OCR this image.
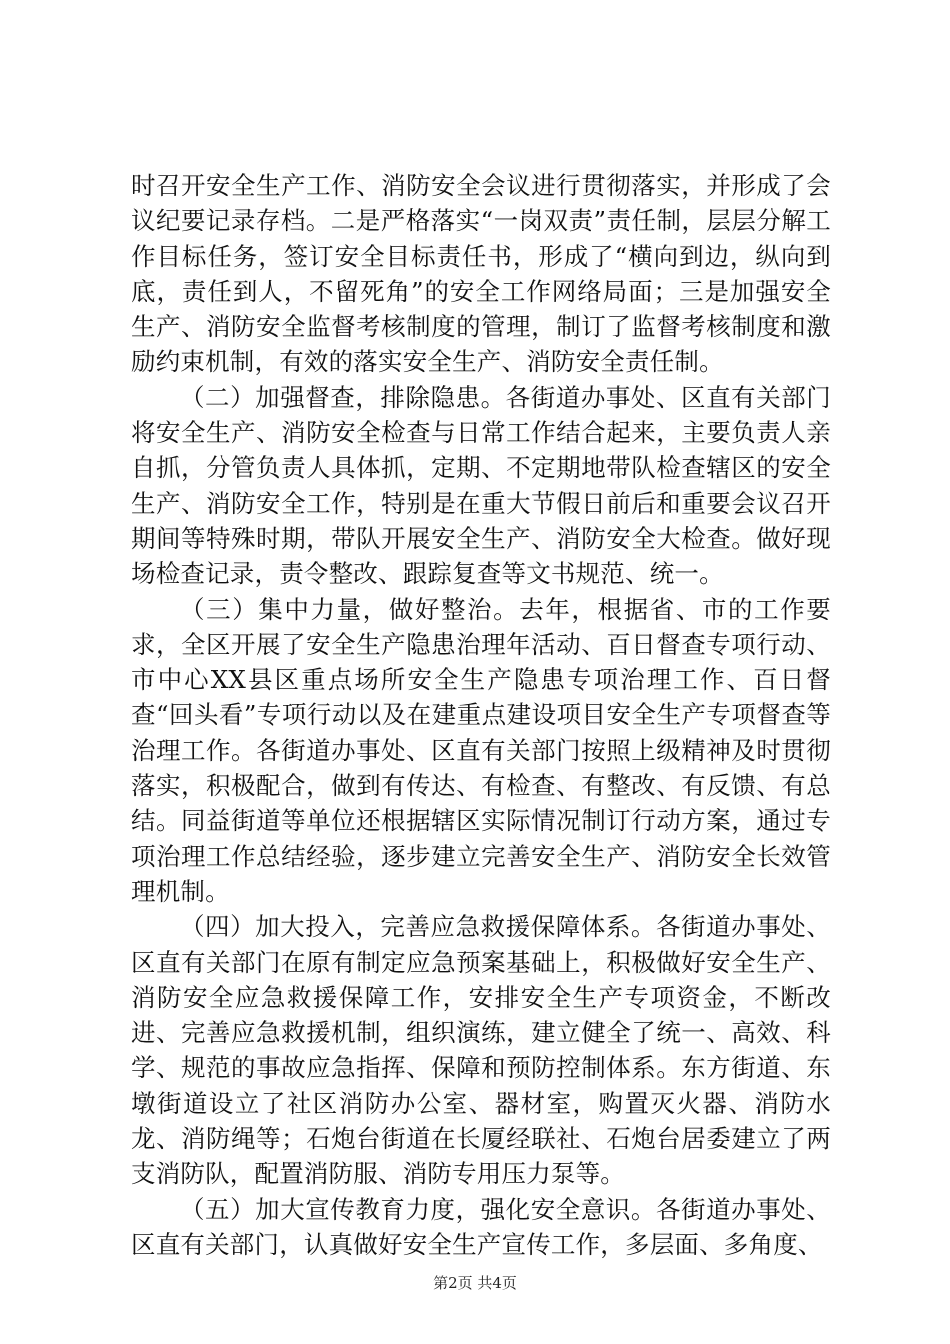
时召开安全生产工作、消防安全会议进行贯彻落实，并形成了会议纪要记录存档。二是严格落实“一岗双责”责任制，层层分解工作目标任务，签订安全目标责任书，形成了“横向到边，纵向到底，责任到人，不留死角”的安全工作网络局面；三是加强安全生产、消防安全监督考核制度的管理，制订了监督考核制度和激励约束机制，有效的落实安全生产、消防安全责任制。

（二）加强督查，排除隐患。各街道办事处、区直有关部门将安全生产、消防安全检查与日常工作结合起来，主要负责人亲自抓，分管负责人具体抓，定期、不定期地带队检查辖区的安全生产、消防安全工作，特别是在重大节假日前后和重要会议召开期间等特殊时期，带队开展安全生产、消防安全大检查。做好现场检查记录，责令整改、跟踪复查等文书规范、统一。

（三）集中力量，做好整治。去年，根据省、市的工作要求，全区开展了安全生产隐患治理年活动、百日督查专项行动、市中心XX县区重点场所安全生产隐患专项治理工作、百日督查“回头看”专项行动以及在建重点建设项目安全生产专项督查等治理工作。各街道办事处、区直有关部门按照上级精神及时贯彻落实，积极配合，做到有传达、有检查、有整改、有反馈、有总结。同益街道等单位还根据辖区实际情况制订行动方案，通过专项治理工作总结经验，逐步建立完善安全生产、消防安全长效管理机制。

（四）加大投入，完善应急救援保障体系。各街道办事处、区直有关部门在原有制定应急预案基础上，积极做好安全生产、消防安全应急救援保障工作，安排安全生产专项资金，不断改进、完善应急救援机制，组织演练，建立健全了统一、高效、科学、规范的事故应急指挥、保障和预防控制体系。东方街道、东墩街道设立了社区消防办公室、器材室，购置灭火器、消防水龙、消防绳等；石炮台街道在长厦经联社、石炮台居委建立了两支消防队，配置消防服、消防专用压力泵等。

（五）加大宣传教育力度，强化安全意识。各街道办事处、区直有关部门，认真做好安全生产宣传工作，多层面、多角度、

第2页 共4页
